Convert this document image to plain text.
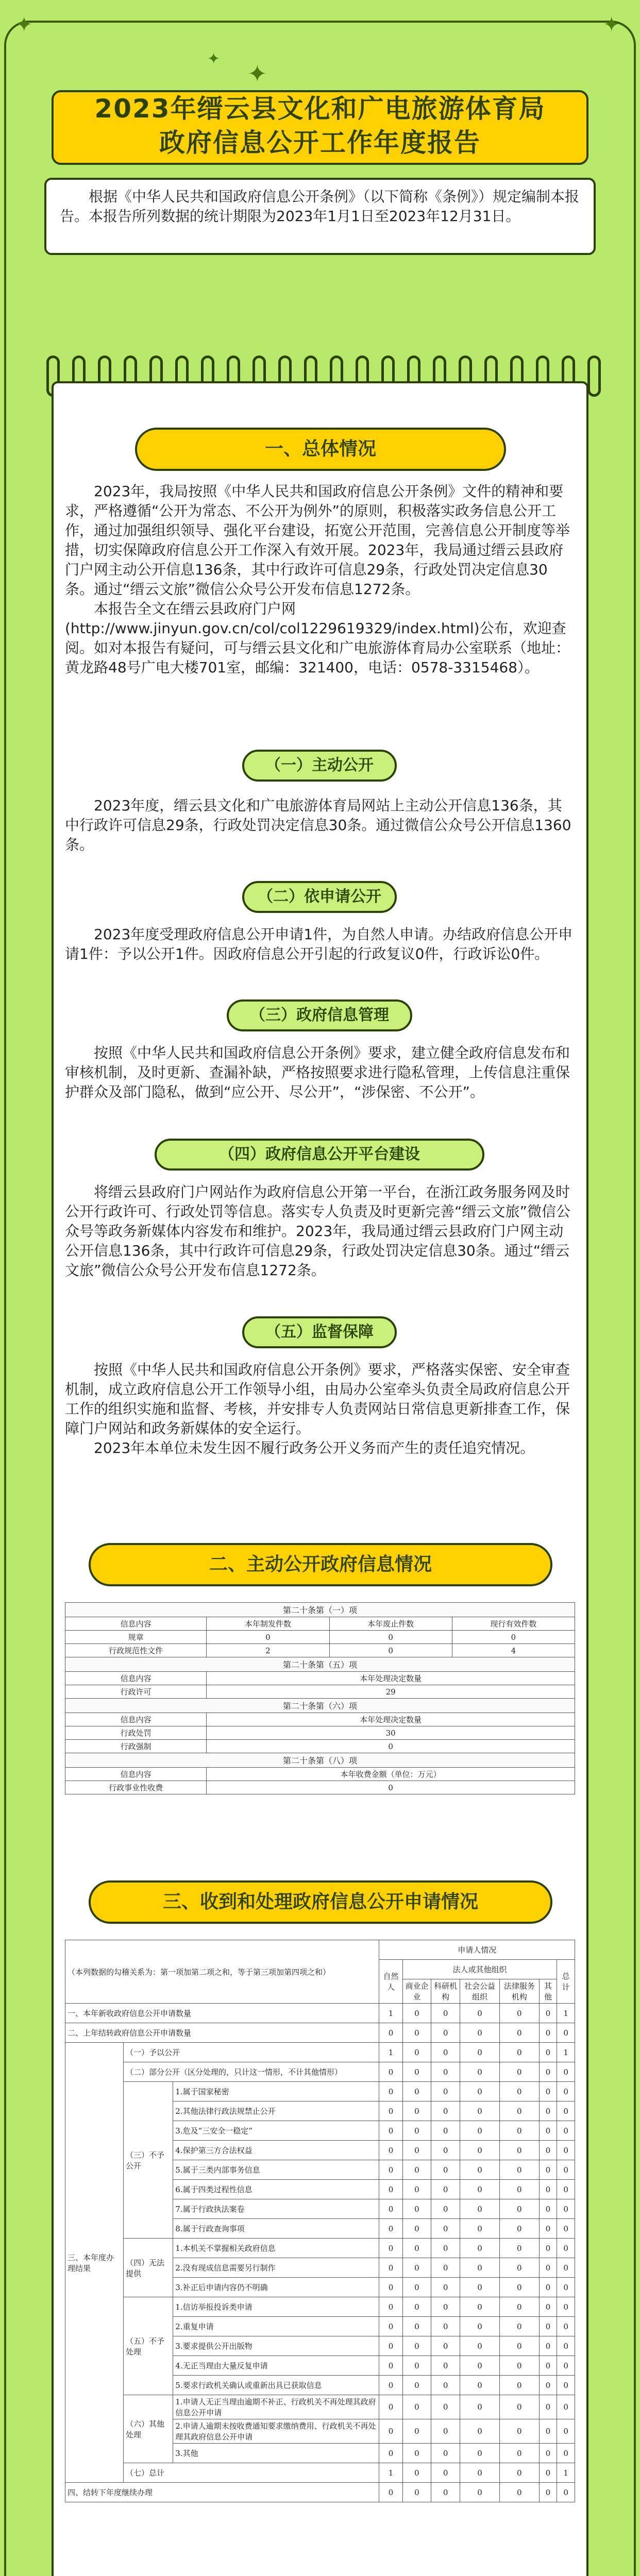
✦
✦
✦
✦
2023年缙云县文化和广电旅游体育局
政府信息公开工作年度报告

根据《中华人民共和国政府信息公开条例》（以下简称《条例》）规定编制本报告。本报告所列数据的统计期限为2023年1月1日至2023年12月31日。

一、总体情况

2023年，我局按照《中华人民共和国政府信息公开条例》文件的精神和要求，严格遵循“公开为常态、不公开为例外”的原则，积极落实政务信息公开工作，通过加强组织领导、强化平台建设，拓宽公开范围，完善信息公开制度等举措，切实保障政府信息公开工作深入有效开展。2023年，我局通过缙云县政府门户网主动公开信息136条，其中行政许可信息29条，行政处罚决定信息30条。通过“缙云文旅”微信公众号公开发布信息1272条。

本报告全文在缙云县政府门户网(http://www.jinyun.gov.cn/col/col1229619329/index.html)公布，欢迎查阅。如对本报告有疑问，可与缙云县文化和广电旅游体育局办公室联系（地址：黄龙路48号广电大楼701室，邮编：321400，电话：0578-3315468）。

（一）主动公开

2023年度，缙云县文化和广电旅游体育局网站上主动公开信息136条，其中行政许可信息29条，行政处罚决定信息30条。通过微信公众号公开信息1360条。

（二）依申请公开

2023年度受理政府信息公开申请1件，为自然人申请。办结政府信息公开申请1件：予以公开1件。因政府信息公开引起的行政复议0件，行政诉讼0件。

（三）政府信息管理

按照《中华人民共和国政府信息公开条例》要求，建立健全政府信息发布和审核机制，及时更新、查漏补缺，严格按照要求进行隐私管理，上传信息注重保护群众及部门隐私，做到“应公开、尽公开”，“涉保密、不公开”。

（四）政府信息公开平台建设

将缙云县政府门户网站作为政府信息公开第一平台，在浙江政务服务网及时公开行政许可、行政处罚等信息。落实专人负责及时更新完善“缙云文旅”微信公众号等政务新媒体内容发布和维护。2023年，我局通过缙云县政府门户网主动公开信息136条，其中行政许可信息29条，行政处罚决定信息30条。通过“缙云文旅”微信公众号公开发布信息1272条。

（五）监督保障

按照《中华人民共和国政府信息公开条例》要求，严格落实保密、安全审查机制，成立政府信息公开工作领导小组，由局办公室牵头负责全局政府信息公开工作的组织实施和监督、考核，并安排专人负责网站日常信息更新排查工作，保障门户网站和政务新媒体的安全运行。

2023年本单位未发生因不履行政务公开义务而产生的责任追究情况。

二、主动公开政府信息情况
第二十条第（一）项			
信息内容	本年制发件数	本年废止件数	现行有效件数
规章	0	0	0
行政规范性文件	2	0	4
第二十条第（五）项			
信息内容	本年处理决定数量		
行政许可	29		
第二十条第（六）项			
信息内容	本年处理决定数量		
行政处罚	30		
行政强制	0		
第二十条第（八）项			
信息内容	本年收费金额（单位：万元）		
行政事业性收费	0		
三、收到和处理政府信息公开申请情况
（本列数据的勾稽关系为：第一项加第二项之和，等于第三项加第四项之和）			申请人情况						
			自然人	法人或其他组织					总计
				商业企业	科研机构	社会公益组织	法律服务机构	其他	
一、本年新收政府信息公开申请数量			1	0	0	0	0	0	1
二、上年结转政府信息公开申请数量			0	0	0	0	0	0	0
三、本年度办理结果	（一）予以公开		1	0	0	0	0	0	1
	（二）部分公开（区分处理的，只计这一情形，不计其他情形）		0	0	0	0	0	0	0
	（三）不予公开	1.属于国家秘密	0	0	0	0	0	0	0
		2.其他法律行政法规禁止公开	0	0	0	0	0	0	0
		3.危及“三安全一稳定”	0	0	0	0	0	0	0
		4.保护第三方合法权益	0	0	0	0	0	0	0
		5.属于三类内部事务信息	0	0	0	0	0	0	0
		6.属于四类过程性信息	0	0	0	0	0	0	0
		7.属于行政执法案卷	0	0	0	0	0	0	0
		8.属于行政查询事项	0	0	0	0	0	0	0
	（四）无法提供	1.本机关不掌握相关政府信息	0	0	0	0	0	0	0
		2.没有现成信息需要另行制作	0	0	0	0	0	0	0
		3.补正后申请内容仍不明确	0	0	0	0	0	0	0
	（五）不予处理	1.信访举报投诉类申请	0	0	0	0	0	0	0
		2.重复申请	0	0	0	0	0	0	0
		3.要求提供公开出版物	0	0	0	0	0	0	0
		4.无正当理由大量反复申请	0	0	0	0	0	0	0
		5.要求行政机关确认或重新出具已获取信息	0	0	0	0	0	0	0
	（六）其他处理	1.申请人无正当理由逾期不补正、行政机关不再处理其政府信息公开申请	0	0	0	0	0	0	0
		2.申请人逾期未按收费通知要求缴纳费用、行政机关不再处理其政府信息公开申请	0	0	0	0	0	0	0
		3.其他	0	0	0	0	0	0	0
	（七）总计		1	0	0	0	0	0	1
四、结转下年度继续办理			0	0	0	0	0	0	0
